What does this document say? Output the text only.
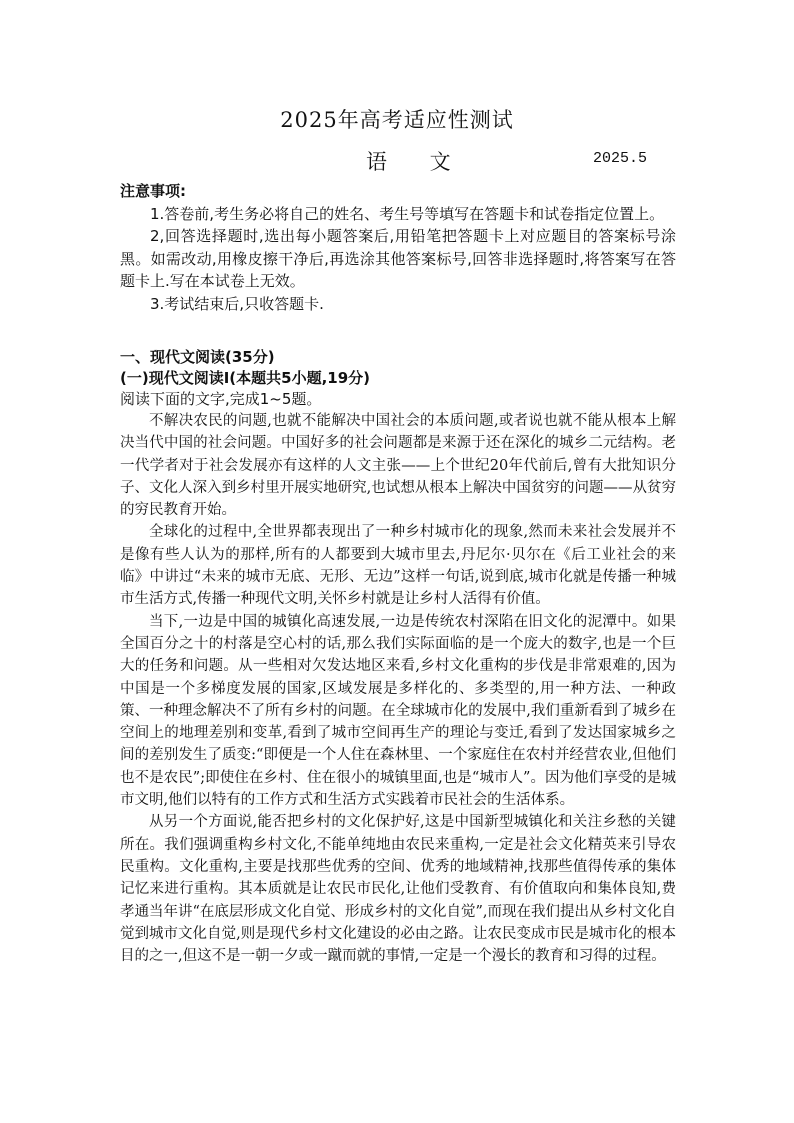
2025年高考适应性测试
语 文	2025.5
注意事项:

1.答卷前,考生务必将自己的姓名、考生号等填写在答题卡和试卷指定位置上。

2,回答选择题时,选出每小题答案后,用铅笔把答题卡上对应题目的答案标号涂黑。如需改动,用橡皮擦干净后,再选涂其他答案标号,回答非选择题时,将答案写在答题卡上.写在本试卷上无效。

3.考试结束后,只收答题卡.

一、现代文阅读(35分)
(一)现代文阅读Ⅰ(本题共5小题,19分)
阅读下面的文字,完成1~5题。

不解决农民的问题,也就不能解决中国社会的本质问题,或者说也就不能从根本上解决当代中国的社会问题。中国好多的社会问题都是来源于还在深化的城乡二元结构。老一代学者对于社会发展亦有这样的人文主张——上个世纪20年代前后,曾有大批知识分子、文化人深入到乡村里开展实地研究,也试想从根本上解决中国贫穷的问题——从贫穷的穷民教育开始。

全球化的过程中,全世界都表现出了一种乡村城市化的现象,然而未来社会发展并不是像有些人认为的那样,所有的人都要到大城市里去,丹尼尔·贝尔在《后工业社会的来临》中讲过“未来的城市无底、无形、无边”这样一句话,说到底,城市化就是传播一种城市生活方式,传播一种现代文明,关怀乡村就是让乡村人活得有价值。

当下,一边是中国的城镇化高速发展,一边是传统农村深陷在旧文化的泥潭中。如果全国百分之十的村落是空心村的话,那么我们实际面临的是一个庞大的数字,也是一个巨大的任务和问题。从一些相对欠发达地区来看,乡村文化重构的步伐是非常艰难的,因为中国是一个多梯度发展的国家,区域发展是多样化的、多类型的,用一种方法、一种政策、一种理念解决不了所有乡村的问题。在全球城市化的发展中,我们重新看到了城乡在空间上的地理差别和变革,看到了城市空间再生产的理论与变迁,看到了发达国家城乡之间的差别发生了质变:“即便是一个人住在森林里、一个家庭住在农村并经营农业,但他们也不是农民”;即使住在乡村、住在很小的城镇里面,也是“城市人”。因为他们享受的是城市文明,他们以特有的工作方式和生活方式实践着市民社会的生活体系。

从另一个方面说,能否把乡村的文化保护好,这是中国新型城镇化和关注乡愁的关键所在。我们强调重构乡村文化,不能单纯地由农民来重构,一定是社会文化精英来引导农民重构。文化重构,主要是找那些优秀的空间、优秀的地域精神,找那些值得传承的集体记忆来进行重构。其本质就是让农民市民化,让他们受教育、有价值取向和集体良知,费孝通当年讲“在底层形成文化自觉、形成乡村的文化自觉”,而现在我们提出从乡村文化自觉到城市文化自觉,则是现代乡村文化建设的必由之路。让农民变成市民是城市化的根本目的之一,但这不是一朝一夕或一蹴而就的事情,一定是一个漫长的教育和习得的过程。
